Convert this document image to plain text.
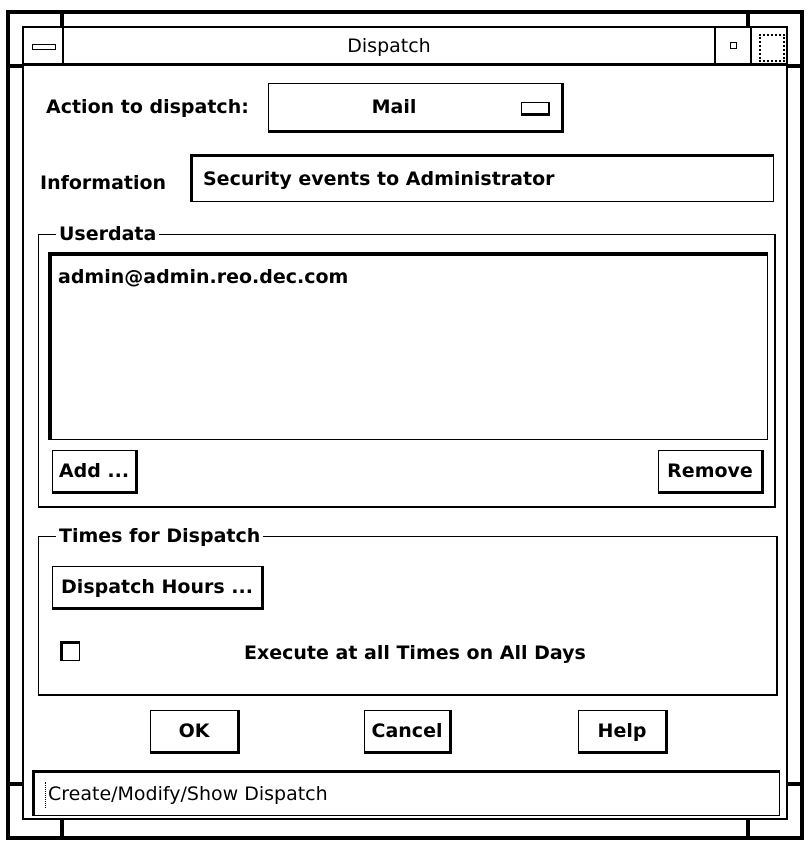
Dispatch
Action to dispatch:	Mail
Information	Security events to Administrator
Userdata
admin@admin.reo.dec.com
Add ...	Remove
Times for Dispatch
Dispatch Hours ...
Execute at all Times on All Days
OK	Cancel	Help
Create/Modify/Show Dispatch
